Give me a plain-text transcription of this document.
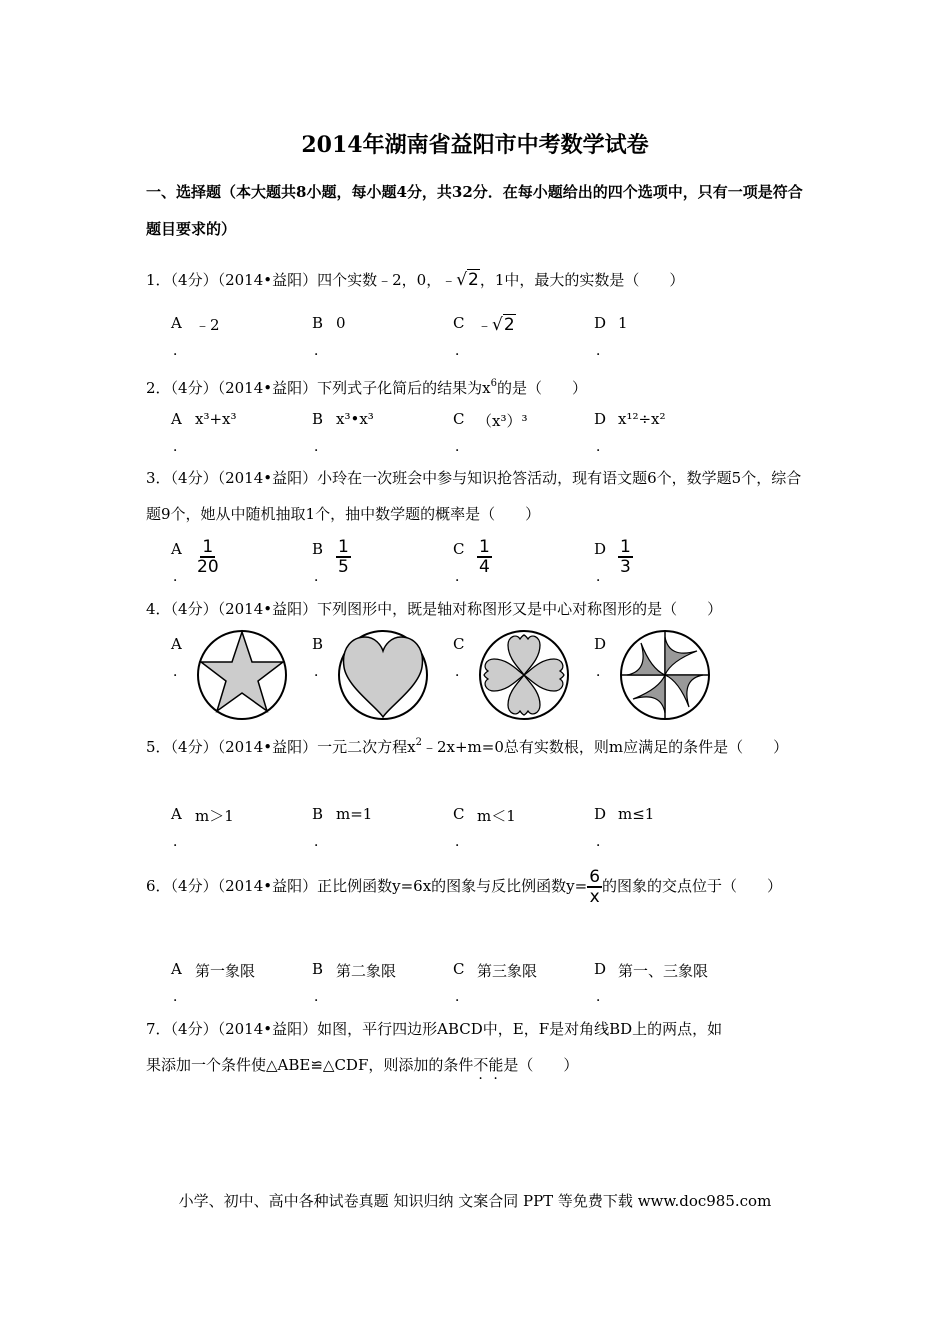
2014年湖南省益阳市中考数学试卷
一、选择题（本大题共8小题，每小题4分，共32分．在每小题给出的四个选项中，只有一项是符合题目要求的）
1．（4分）（2014•益阳）四个实数﹣2，0，﹣√2，1中，最大的实数是（　　）
A ﹣2
．
B 0
．
C ﹣√2
．
D 1
．
2．（4分）（2014•益阳）下列式子化简后的结果为$x^6$的是（　　）
A x³+x³
．
B x³•x³
．
C （x³）³
．
D x¹²÷x²
．
3．（4分）（2014•益阳）小玲在一次班会中参与知识抢答活动，现有语文题6个，数学题5个，综合题9个，她从中随机抽取1个，抽中数学题的概率是（　　）
A $\frac{1}{20}$
．
B $\frac{1}{5}$
．
C $\frac{1}{4}$
．
D $\frac{1}{3}$
．
4．（4分）（2014•益阳）下列图形中，既是轴对称图形又是中心对称图形的是（　　）
A
．
B
．
C
．
D
．
5．（4分）（2014•益阳）一元二次方程$x^2﹣2x+m=0$总有实数根，则m应满足的条件是（　　）
A m＞1
．
B m=1
．
C m＜1
．
D m≤1
．
6．（4分）（2014•益阳）正比例函数y=6x的图象与反比例函数$y= \frac{6}{x}$ 的图象的交点位于（　　）
A 第一象限
．
B 第二象限
．
C 第三象限
．
D 第一、三象限
．
7．（4分）（2014•益阳）如图，平行四边形ABCD中，E，F是对角线BD上的两点，如
果添加一个条件使△ABE≌△CDF，则添加的条件不能是（　　）
小学、初中、高中各种试卷真题 知识归纳 文案合同 PPT 等免费下载 www.doc985.com
